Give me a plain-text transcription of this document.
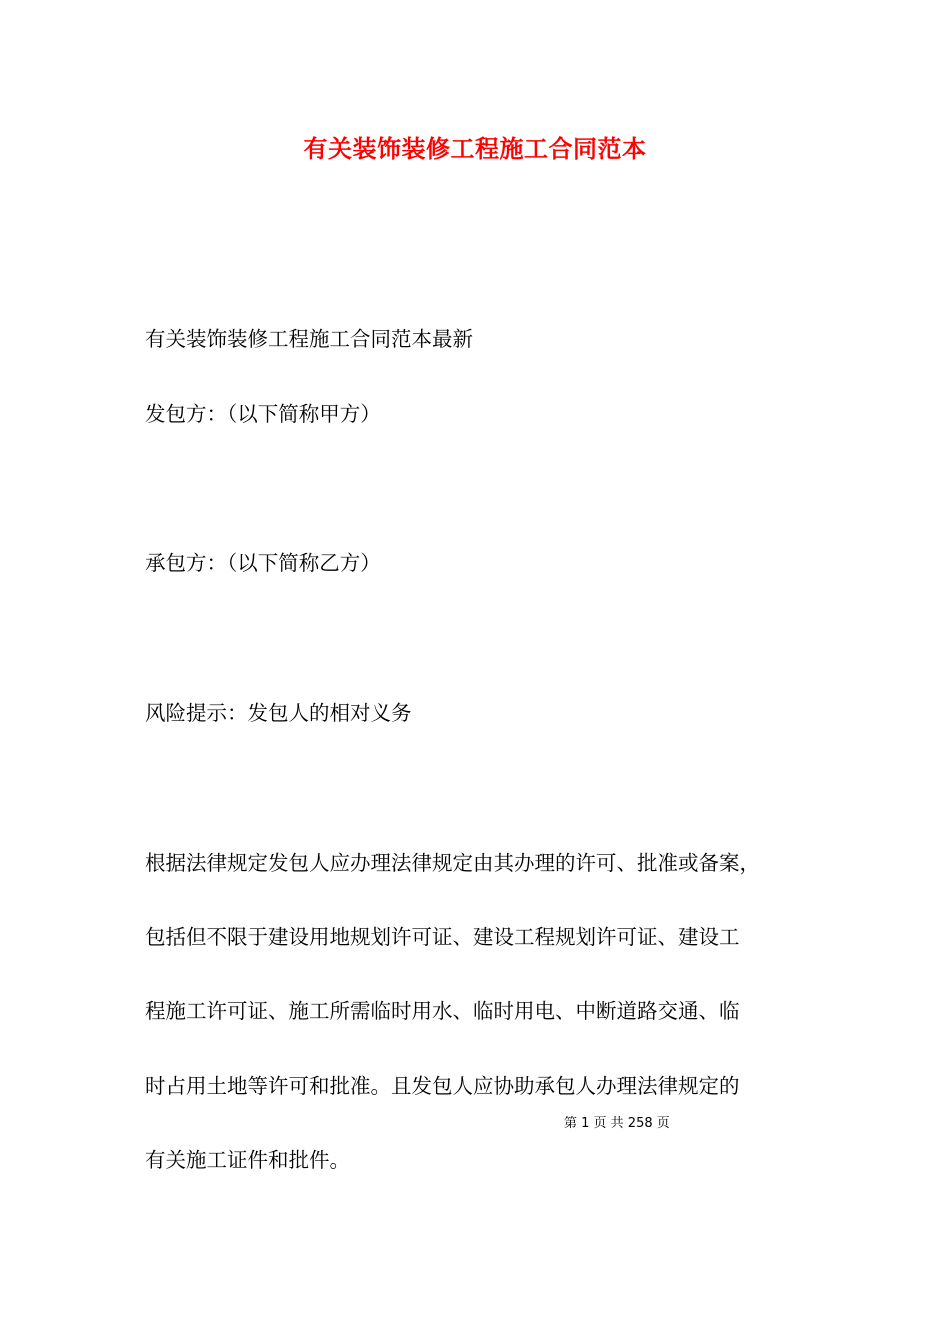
有关装饰装修工程施工合同范本
有关装饰装修工程施工合同范本最新
发包方：（以下简称甲方）
承包方：（以下简称乙方）
风险提示：发包人的相对义务
根据法律规定发包人应办理法律规定由其办理的许可、批准或备案，
包括但不限于建设用地规划许可证、建设工程规划许可证、建设工
程施工许可证、施工所需临时用水、临时用电、中断道路交通、临
时占用土地等许可和批准。且发包人应协助承包人办理法律规定的
第 1 页 共 258 页
有关施工证件和批件。
